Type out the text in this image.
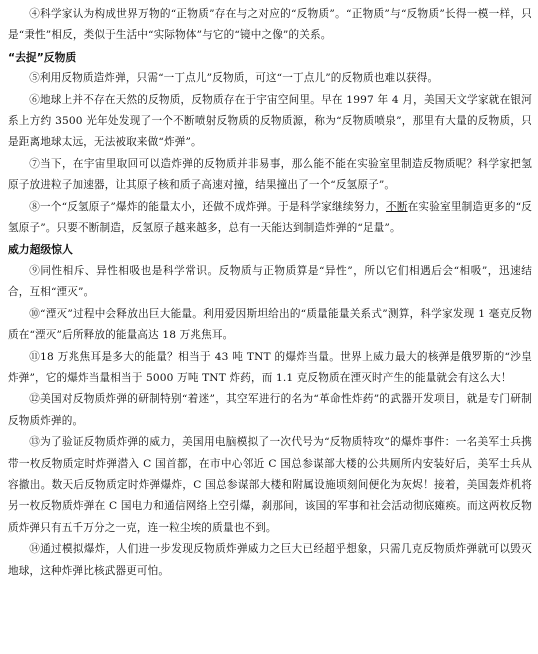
④科学家认为构成世界万物的“正物质”存在与之对应的“反物质”。“正物质”与“反物质”长得一模一样，只是“秉性”相反，类似于生活中“实际物体”与它的“镜中之像”的关系。

“去捉”反物质

⑤利用反物质造炸弹，只需“一丁点儿”反物质，可这“一丁点儿”的反物质也难以获得。

⑥地球上并不存在天然的反物质，反物质存在于宇宙空间里。早在 1997 年 4 月，美国天文学家就在银河系上方约 3500 光年处发现了一个不断喷射反物质的反物质源，称为“反物质喷泉”，那里有大量的反物质，只是距离地球太远，无法被取来做“炸弹”。

⑦当下，在宇宙里取回可以造炸弹的反物质并非易事，那么能不能在实验室里制造反物质呢？科学家把氢原子放进粒子加速器，让其原子核和质子高速对撞，结果撞出了一个“反氢原子”。

⑧一个“反氢原子”爆炸的能量太小，还做不成炸弹。于是科学家继续努力，不断在实验室里制造更多的“反氢原子”。只要不断制造，反氢原子越来越多，总有一天能达到制造炸弹的“足量”。

威力超级惊人

⑨同性相斥、异性相吸也是科学常识。反物质与正物质算是“异性”，所以它们相遇后会“相吸”，迅速结合，互相“湮灭”。

⑩“湮灭”过程中会释放出巨大能量。利用爱因斯坦给出的“质量能量关系式”测算，科学家发现 1 毫克反物质在“湮灭”后所释放的能量高达 18 万兆焦耳。

⑪18 万兆焦耳是多大的能量？相当于 43 吨 TNT 的爆炸当量。世界上威力最大的核弹是俄罗斯的“沙皇炸弹”，它的爆炸当量相当于 5000 万吨 TNT 炸药，而 1.1 克反物质在湮灭时产生的能量就会有这么大！

⑫美国对反物质炸弹的研制特别“着迷”，其空军进行的名为“革命性炸药”的武器开发项目，就是专门研制反物质炸弹的。

⑬为了验证反物质炸弹的威力，美国用电脑模拟了一次代号为“反物质特攻”的爆炸事件：一名美军士兵携带一枚反物质定时炸弹潜入 C 国首都，在市中心邻近 C 国总参谋部大楼的公共厕所内安装好后，美军士兵从容撤出。数天后反物质定时炸弹爆炸，C 国总参谋部大楼和附属设施顷刻间便化为灰烬！接着，美国轰炸机将另一枚反物质炸弹在 C 国电力和通信网络上空引爆，刹那间，该国的军事和社会活动彻底瘫痪。而这两枚反物质炸弹只有五千万分之一克，连一粒尘埃的质量也不到。

⑭通过模拟爆炸，人们进一步发现反物质炸弹威力之巨大已经超乎想象，只需几克反物质炸弹就可以毁灭地球，这种炸弹比核武器更可怕。
